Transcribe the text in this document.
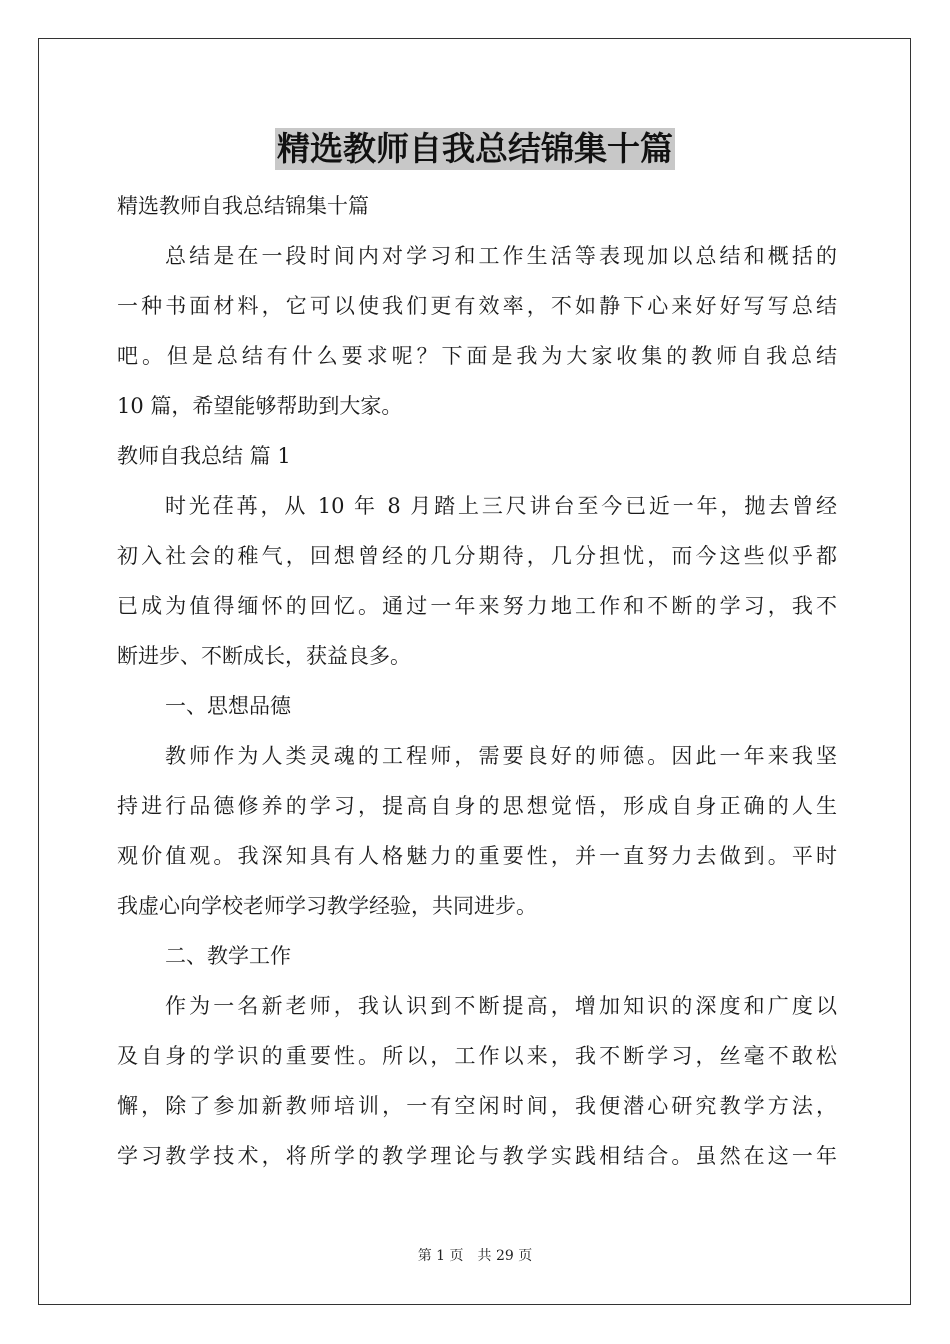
精选教师自我总结锦集十篇
精选教师自我总结锦集十篇
总结是在一段时间内对学习和工作生活等表现加以总结和概括的
一种书面材料，它可以使我们更有效率，不如静下心来好好写写总结
吧。但是总结有什么要求呢？下面是我为大家收集的教师自我总结
10 篇，希望能够帮助到大家。
教师自我总结 篇 1
时光荏苒，从 10 年 8 月踏上三尺讲台至今已近一年，抛去曾经
初入社会的稚气，回想曾经的几分期待，几分担忧，而今这些似乎都
已成为值得缅怀的回忆。通过一年来努力地工作和不断的学习，我不
断进步、不断成长，获益良多。
一、思想品德
教师作为人类灵魂的工程师，需要良好的师德。因此一年来我坚
持进行品德修养的学习，提高自身的思想觉悟，形成自身正确的人生
观价值观。我深知具有人格魅力的重要性，并一直努力去做到。平时
我虚心向学校老师学习教学经验，共同进步。
二、教学工作
作为一名新老师，我认识到不断提高，增加知识的深度和广度以
及自身的学识的重要性。所以，工作以来，我不断学习，丝毫不敢松
懈，除了参加新教师培训，一有空闲时间，我便潜心研究教学方法，
学习教学技术，将所学的教学理论与教学实践相结合。虽然在这一年
第 1 页 共 29 页
